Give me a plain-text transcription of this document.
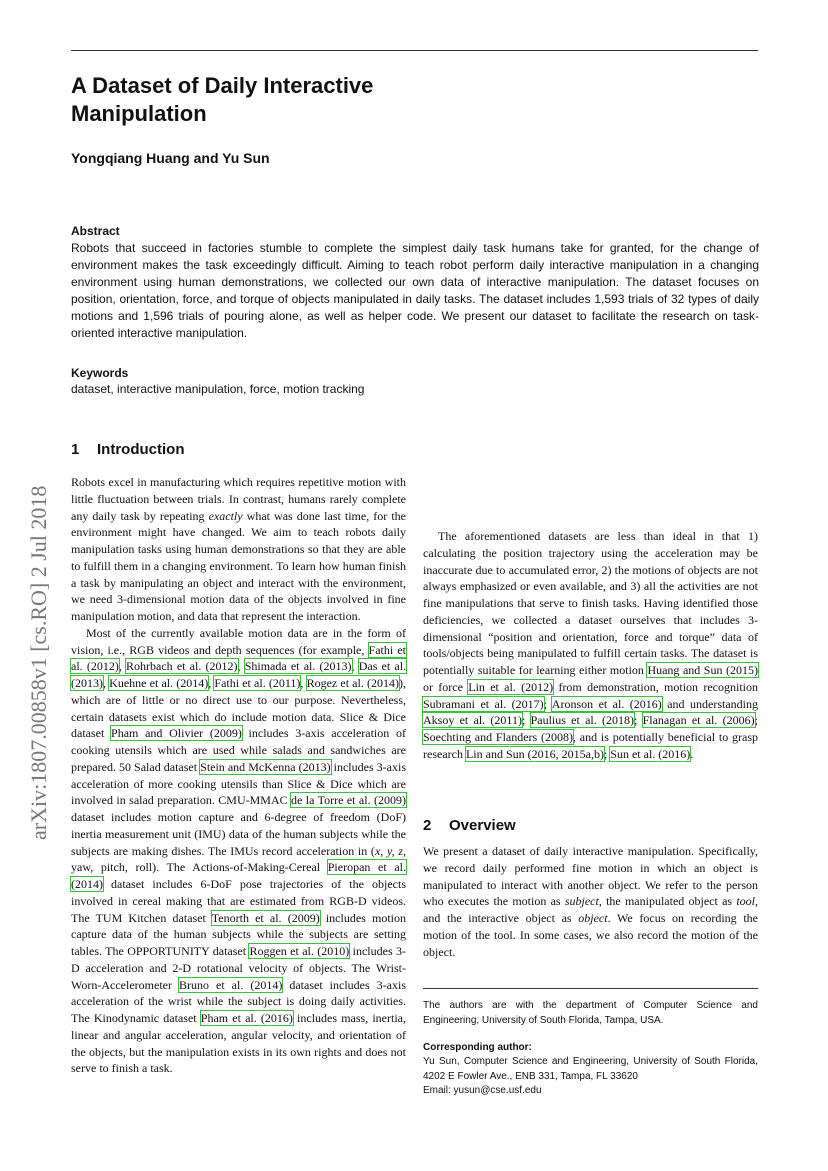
A Dataset of Daily Interactive Manipulation
Yongqiang Huang and Yu Sun
Abstract
Robots that succeed in factories stumble to complete the simplest daily task humans take for granted, for the change of environment makes the task exceedingly difficult. Aiming to teach robot perform daily interactive manipulation in a changing environment using human demonstrations, we collected our own data of interactive manipulation. The dataset focuses on position, orientation, force, and torque of objects manipulated in daily tasks. The dataset includes 1,593 trials of 32 types of daily motions and 1,596 trials of pouring alone, as well as helper code. We present our dataset to facilitate the research on task-oriented interactive manipulation.
Keywords
dataset, interactive manipulation, force, motion tracking
arXiv:1807.00858v1 [cs.RO] 2 Jul 2018
1 Introduction

Robots excel in manufacturing which requires repetitive motion with little fluctuation between trials. In contrast, humans rarely complete any daily task by repeating exactly what was done last time, for the environment might have changed. We aim to teach robots daily manipulation tasks using human demonstrations so that they are able to fulfill them in a changing environment. To learn how human finish a task by manipulating an object and interact with the environment, we need 3-dimensional motion data of the objects involved in fine manipulation motion, and data that represent the interaction.

Most of the currently available motion data are in the form of vision, i.e., RGB videos and depth sequences (for example, Fathi et al. (2012), Rohrbach et al. (2012), Shimada et al. (2013), Das et al. (2013), Kuehne et al. (2014), Fathi et al. (2011), Rogez et al. (2014)), which are of little or no direct use to our purpose. Nevertheless, certain datasets exist which do include motion data. Slice & Dice dataset Pham and Olivier (2009) includes 3-axis acceleration of cooking utensils which are used while salads and sandwiches are prepared. 50 Salad dataset Stein and McKenna (2013) includes 3-axis acceleration of more cooking utensils than Slice & Dice which are involved in salad preparation. CMU-MMAC de la Torre et al. (2009) dataset includes motion capture and 6-degree of freedom (DoF) inertia measurement unit (IMU) data of the human subjects while the subjects are making dishes. The IMUs record acceleration in (x, y, z, yaw, pitch, roll). The Actions-of-Making-Cereal Pieropan et al. (2014) dataset includes 6-DoF pose trajectories of the objects involved in cereal making that are estimated from RGB-D videos. The TUM Kitchen dataset Tenorth et al. (2009) includes motion capture data of the human subjects while the subjects are setting tables. The OPPORTUNITY dataset Roggen et al. (2010) includes 3-D acceleration and 2-D rotational velocity of objects. The Wrist-Worn-Accelerometer Bruno et al. (2014) dataset includes 3-axis acceleration of the wrist while the subject is doing daily activities. The Kinodynamic dataset Pham et al. (2016) includes mass, inertia, linear and angular acceleration, angular velocity, and orientation of the objects, but the manipulation exists in its own rights and does not serve to finish a task.

The aforementioned datasets are less than ideal in that 1) calculating the position trajectory using the acceleration may be inaccurate due to accumulated error, 2) the motions of objects are not always emphasized or even available, and 3) all the activities are not fine manipulations that serve to finish tasks. Having identified those deficiencies, we collected a dataset ourselves that includes 3-dimensional “position and orientation, force and torque” data of tools/objects being manipulated to fulfill certain tasks. The dataset is potentially suitable for learning either motion Huang and Sun (2015) or force Lin et al. (2012) from demonstration, motion recognition Subramani et al. (2017); Aronson et al. (2016) and understanding Aksoy et al. (2011); Paulius et al. (2018); Flanagan et al. (2006); Soechting and Flanders (2008), and is potentially beneficial to grasp research Lin and Sun (2016, 2015a,b); Sun et al. (2016).

2 Overview

We present a dataset of daily interactive manipulation. Specifically, we record daily performed fine motion in which an object is manipulated to interact with another object. We refer to the person who executes the motion as subject, the manipulated object as tool, and the interactive object as object. We focus on recording the motion of the tool. In some cases, we also record the motion of the object.

The authors are with the department of Computer Science and Engineering, University of South Florida, Tampa, USA.
Corresponding author:
Yu Sun, Computer Science and Engineering, University of South Florida, 4202 E Fowler Ave., ENB 331, Tampa, FL 33620
Email: yusun@cse.usf.edu
